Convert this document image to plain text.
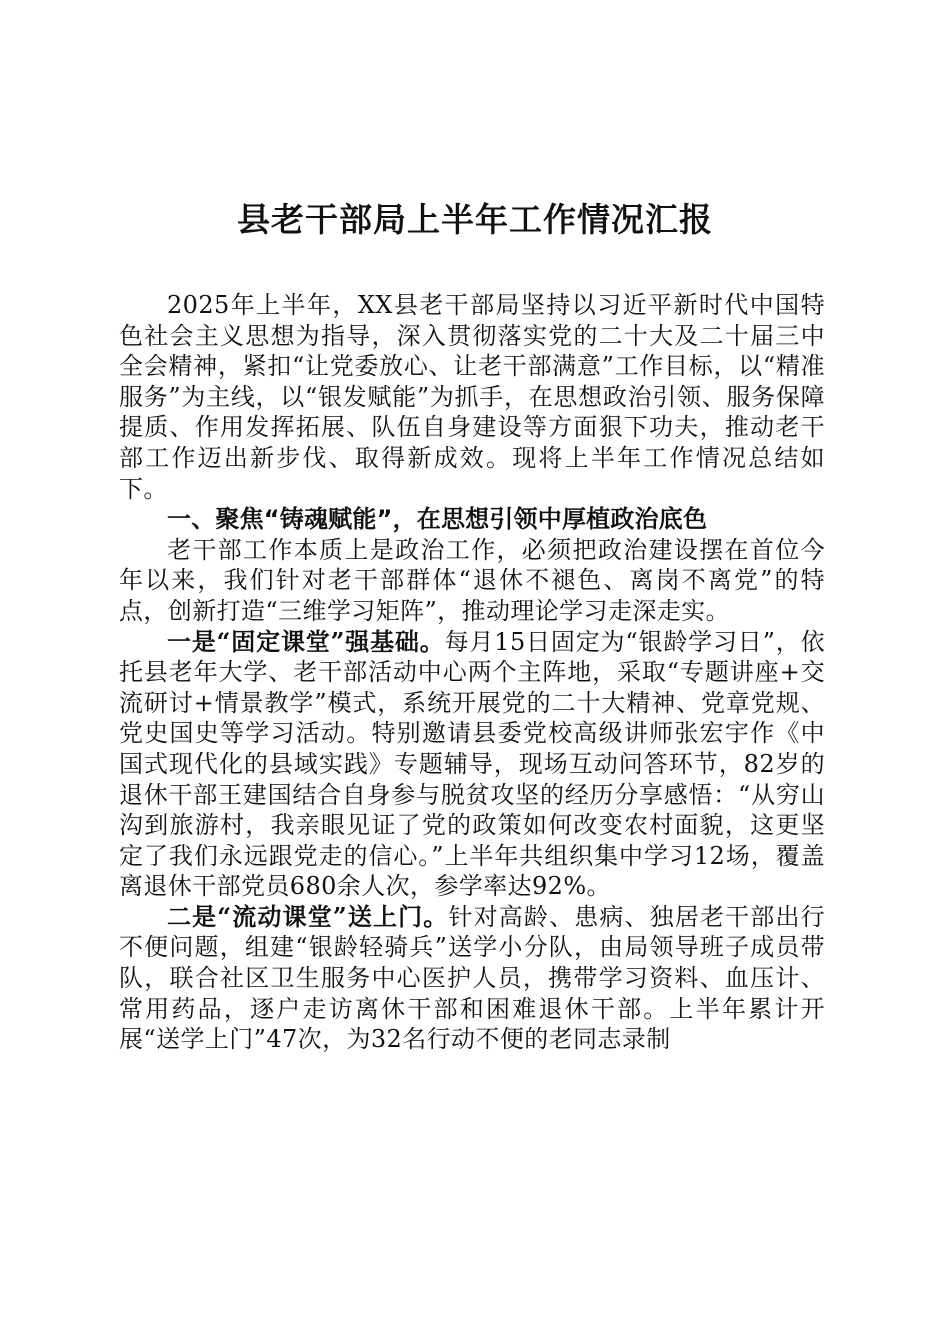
县老干部局上半年工作情况汇报

2025年上半年，XX县老干部局坚持以习近平新时代中国特色社会主义思想为指导，深入贯彻落实党的二十大及二十届三中全会精神，紧扣“让党委放心、让老干部满意”工作目标，以“精准服务”为主线，以“银发赋能”为抓手，在思想政治引领、服务保障提质、作用发挥拓展、队伍自身建设等方面狠下功夫，推动老干部工作迈出新步伐、取得新成效。现将上半年工作情况总结如下。

一、聚焦“铸魂赋能”，在思想引领中厚植政治底色

老干部工作本质上是政治工作，必须把政治建设摆在首位今年以来，我们针对老干部群体“退休不褪色、离岗不离党”的特点，创新打造“三维学习矩阵”，推动理论学习走深走实。

一是“固定课堂”强基础。每月15日固定为“银龄学习日”，依托县老年大学、老干部活动中心两个主阵地，采取“专题讲座+交流研讨+情景教学”模式，系统开展党的二十大精神、党章党规、党史国史等学习活动。特别邀请县委党校高级讲师张宏宇作《中国式现代化的县域实践》专题辅导，现场互动问答环节，82岁的退休干部王建国结合自身参与脱贫攻坚的经历分享感悟：“从穷山沟到旅游村，我亲眼见证了党的政策如何改变农村面貌，这更坚定了我们永远跟党走的信心。”上半年共组织集中学习12场，覆盖离退休干部党员680余人次，参学率达92%。

二是“流动课堂”送上门。针对高龄、患病、独居老干部出行不便问题，组建“银龄轻骑兵”送学小分队，由局领导班子成员带队，联合社区卫生服务中心医护人员，携带学习资料、血压计、常用药品，逐户走访离休干部和困难退休干部。上半年累计开展“送学上门”47次，为32名行动不便的老同志录制
